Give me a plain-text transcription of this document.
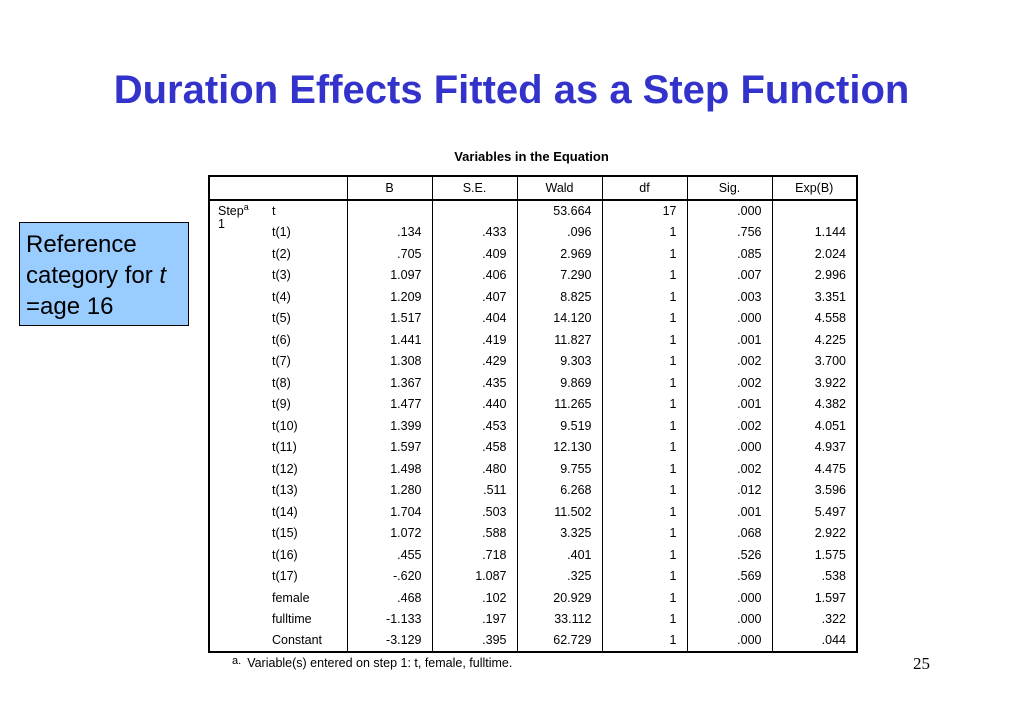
Duration Effects Fitted as a Step Function
Variables in the Equation
Reference
category for t
=age 16
		B	S.E.	Wald	df	Sig.	Exp(B)
Step$^a$
1	t			53.664	17	.000	
	t(1)	.134	.433	.096	1	.756	1.144
	t(2)	.705	.409	2.969	1	.085	2.024
	t(3)	1.097	.406	7.290	1	.007	2.996
	t(4)	1.209	.407	8.825	1	.003	3.351
	t(5)	1.517	.404	14.120	1	.000	4.558
	t(6)	1.441	.419	11.827	1	.001	4.225
	t(7)	1.308	.429	9.303	1	.002	3.700
	t(8)	1.367	.435	9.869	1	.002	3.922
	t(9)	1.477	.440	11.265	1	.001	4.382
	t(10)	1.399	.453	9.519	1	.002	4.051
	t(11)	1.597	.458	12.130	1	.000	4.937
	t(12)	1.498	.480	9.755	1	.002	4.475
	t(13)	1.280	.511	6.268	1	.012	3.596
	t(14)	1.704	.503	11.502	1	.001	5.497
	t(15)	1.072	.588	3.325	1	.068	2.922
	t(16)	.455	.718	.401	1	.526	1.575
	t(17)	-.620	1.087	.325	1	.569	.538
	female	.468	.102	20.929	1	.000	1.597
	fulltime	-1.133	.197	33.112	1	.000	.322
	Constant	-3.129	.395	62.729	1	.000	.044
a. Variable(s) entered on step 1: t, female, fulltime.	25
